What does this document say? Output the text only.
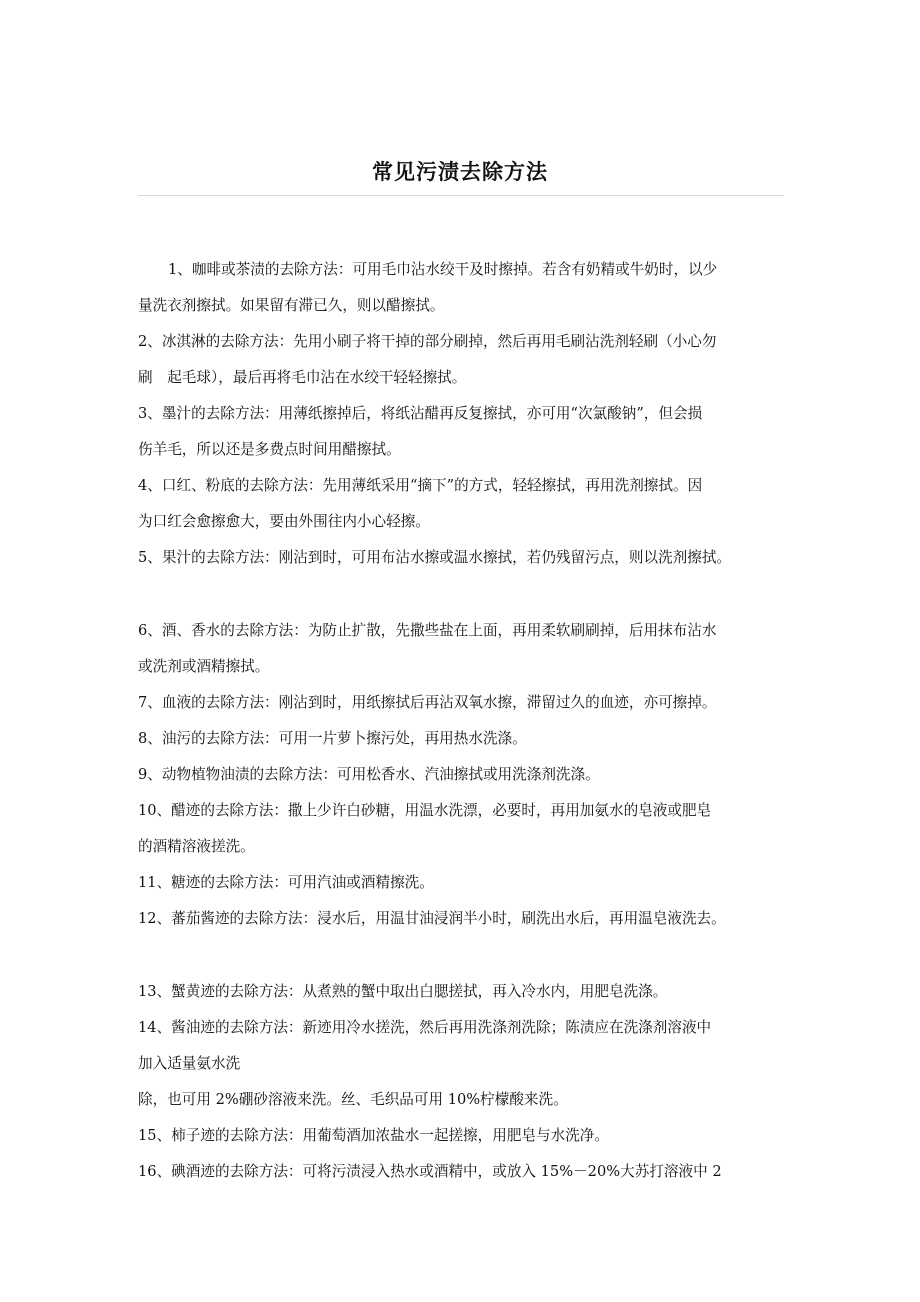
常见污渍去除方法
1、咖啡或茶渍的去除方法：可用毛巾沾水绞干及时擦掉。若含有奶精或牛奶时，以少
量洗衣剂擦拭。如果留有滞已久，则以醋擦拭。
2、冰淇淋的去除方法：先用小刷子将干掉的部分刷掉，然后再用毛刷沾洗剂轻刷（小心勿
刷　起毛球），最后再将毛巾沾在水绞干轻轻擦拭。
3、墨汁的去除方法：用薄纸擦掉后，将纸沾醋再反复擦拭，亦可用“次氯酸钠”，但会损
伤羊毛，所以还是多费点时间用醋擦拭。
4、口红、粉底的去除方法：先用薄纸采用“摘下”的方式，轻轻擦拭，再用洗剂擦拭。因
为口红会愈擦愈大，要由外围往内小心轻擦。
5、果汁的去除方法：刚沾到时，可用布沾水擦或温水擦拭，若仍残留污点，则以洗剂擦拭。
6、酒、香水的去除方法：为防止扩散，先撒些盐在上面，再用柔软刷刷掉，后用抹布沾水
或洗剂或酒精擦拭。
7、血液的去除方法：刚沾到时，用纸擦拭后再沾双氧水擦，滞留过久的血迹，亦可擦掉。
8、油污的去除方法：可用一片萝卜擦污处，再用热水洗涤。
9、动物植物油渍的去除方法：可用松香水、汽油擦拭或用洗涤剂洗涤。
10、醋迹的去除方法：撒上少许白砂糖，用温水洗漂，必要时，再用加氨水的皂液或肥皂
的酒精溶液搓洗。
11、糖迹的去除方法：可用汽油或酒精擦洗。
12、蕃茄酱迹的去除方法：浸水后，用温甘油浸润半小时，刷洗出水后，再用温皂液洗去。
13、蟹黄迹的去除方法：从煮熟的蟹中取出白腮搓拭，再入冷水内，用肥皂洗涤。
14、酱油迹的去除方法：新迹用冷水搓洗，然后再用洗涤剂洗除；陈渍应在洗涤剂溶液中
加入适量氨水洗
除，也可用 2%硼砂溶液来洗。丝、毛织品可用 10%柠檬酸来洗。
15、柿子迹的去除方法：用葡萄酒加浓盐水一起搓擦，用肥皂与水洗净。
16、碘酒迹的去除方法：可将污渍浸入热水或酒精中，或放入 15%－20%大苏打溶液中 2
